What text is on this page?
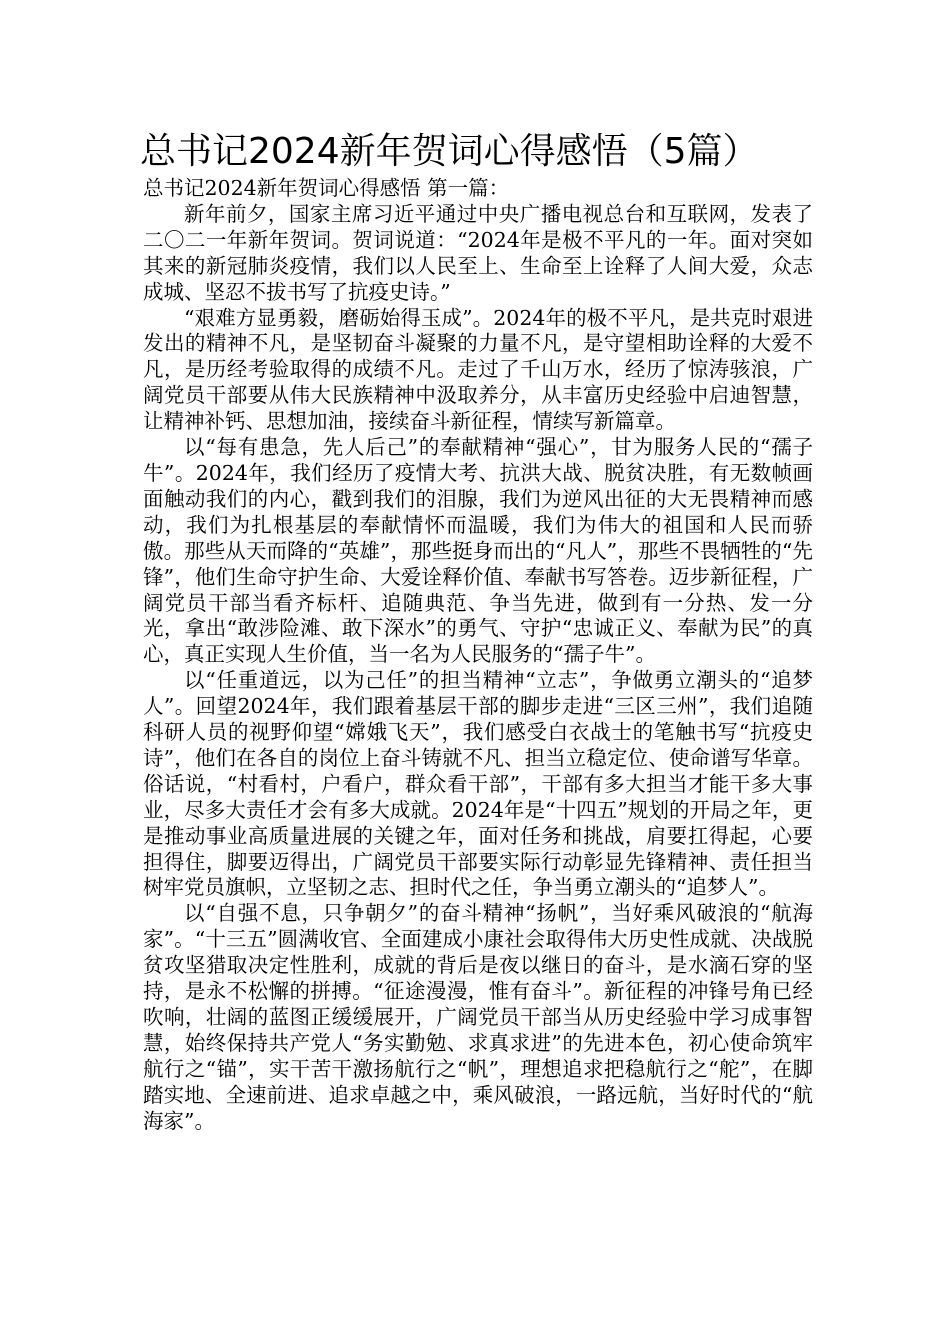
总书记2024新年贺词心得感悟（5篇）

总书记2024新年贺词心得感悟 第一篇：

新年前夕，国家主席习近平通过中央广播电视总台和互联网，发表了二〇二一年新年贺词。贺词说道：“2024年是极不平凡的一年。面对突如其来的新冠肺炎疫情，我们以人民至上、生命至上诠释了人间大爱，众志成城、坚忍不拔书写了抗疫史诗。”

“艰难方显勇毅，磨砺始得玉成”。2024年的极不平凡，是共克时艰进发出的精神不凡，是坚韧奋斗凝聚的力量不凡，是守望相助诠释的大爱不凡，是历经考验取得的成绩不凡。走过了千山万水，经历了惊涛骇浪，广阔党员干部要从伟大民族精神中汲取养分，从丰富历史经验中启迪智慧，让精神补钙、思想加油，接续奋斗新征程，情续写新篇章。

以“每有患急，先人后己”的奉献精神“强心”，甘为服务人民的“孺子牛”。2024年，我们经历了疫情大考、抗洪大战、脱贫决胜，有无数帧画面触动我们的内心，戳到我们的泪腺，我们为逆风出征的大无畏精神而感动，我们为扎根基层的奉献情怀而温暖，我们为伟大的祖国和人民而骄傲。那些从天而降的“英雄”，那些挺身而出的“凡人”，那些不畏牺牲的“先锋”，他们生命守护生命、大爱诠释价值、奉献书写答卷。迈步新征程，广阔党员干部当看齐标杆、追随典范、争当先进，做到有一分热、发一分光，拿出“敢涉险滩、敢下深水”的勇气、守护“忠诚正义、奉献为民”的真心，真正实现人生价值，当一名为人民服务的“孺子牛”。

以“任重道远，以为己任”的担当精神“立志”，争做勇立潮头的“追梦人”。回望2024年，我们跟着基层干部的脚步走进“三区三州”，我们追随科研人员的视野仰望“嫦娥飞天”，我们感受白衣战士的笔触书写“抗疫史诗”，他们在各自的岗位上奋斗铸就不凡、担当立稳定位、使命谱写华章。俗话说，“村看村，户看户，群众看干部”，干部有多大担当才能干多大事业，尽多大责任才会有多大成就。2024年是“十四五”规划的开局之年，更是推动事业高质量进展的关键之年，面对任务和挑战，肩要扛得起，心要担得住，脚要迈得出，广阔党员干部要实际行动彰显先锋精神、责任担当树牢党员旗帜，立坚韧之志、担时代之任，争当勇立潮头的“追梦人”。

以“自强不息，只争朝夕”的奋斗精神“扬帆”，当好乘风破浪的“航海家”。“十三五”圆满收官、全面建成小康社会取得伟大历史性成就、决战脱贫攻坚猎取决定性胜利，成就的背后是夜以继日的奋斗，是水滴石穿的坚持，是永不松懈的拼搏。“征途漫漫，惟有奋斗”。新征程的冲锋号角已经吹响，壮阔的蓝图正缓缓展开，广阔党员干部当从历史经验中学习成事智慧，始终保持共产党人“务实勤勉、求真求进”的先进本色，初心使命筑牢航行之“锚”，实干苦干激扬航行之“帆”，理想追求把稳航行之“舵”，在脚踏实地、全速前进、追求卓越之中，乘风破浪，一路远航，当好时代的“航海家”。
